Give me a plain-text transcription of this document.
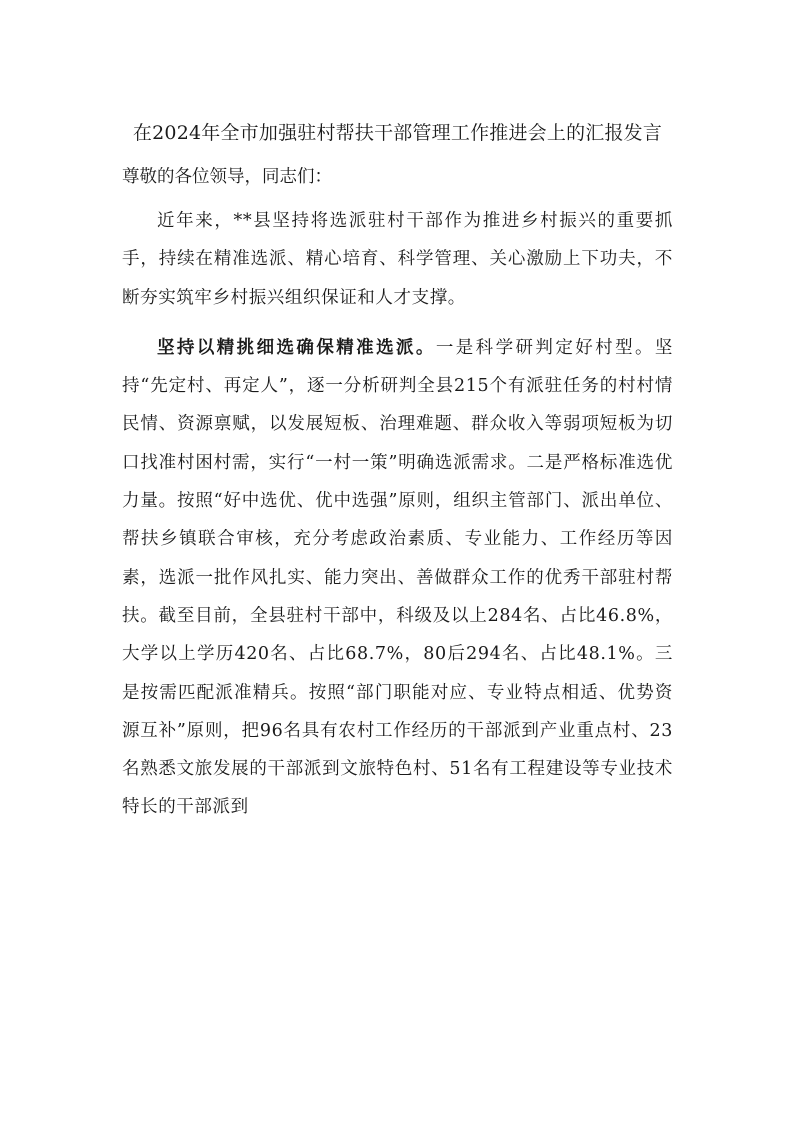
在2024年全市加强驻村帮扶干部管理工作推进会上的汇报发言

尊敬的各位领导，同志们：

近年来，**县坚持将选派驻村干部作为推进乡村振兴的重要抓手，持续在精准选派、精心培育、科学管理、关心激励上下功夫，不断夯实筑牢乡村振兴组织保证和人才支撑。

坚持以精挑细选确保精准选派。一是科学研判定好村型。坚持“先定村、再定人”，逐一分析研判全县215个有派驻任务的村村情民情、资源禀赋，以发展短板、治理难题、群众收入等弱项短板为切口找准村困村需，实行“一村一策”明确选派需求。二是严格标准选优力量。按照“好中选优、优中选强”原则，组织主管部门、派出单位、帮扶乡镇联合审核，充分考虑政治素质、专业能力、工作经历等因素，选派一批作风扎实、能力突出、善做群众工作的优秀干部驻村帮扶。截至目前，全县驻村干部中，科级及以上284名、占比46.8%，大学以上学历420名、占比68.7%，80后294名、占比48.1%。三是按需匹配派准精兵。按照“部门职能对应、专业特点相适、优势资源互补”原则，把96名具有农村工作经历的干部派到产业重点村、23名熟悉文旅发展的干部派到文旅特色村、51名有工程建设等专业技术特长的干部派到
